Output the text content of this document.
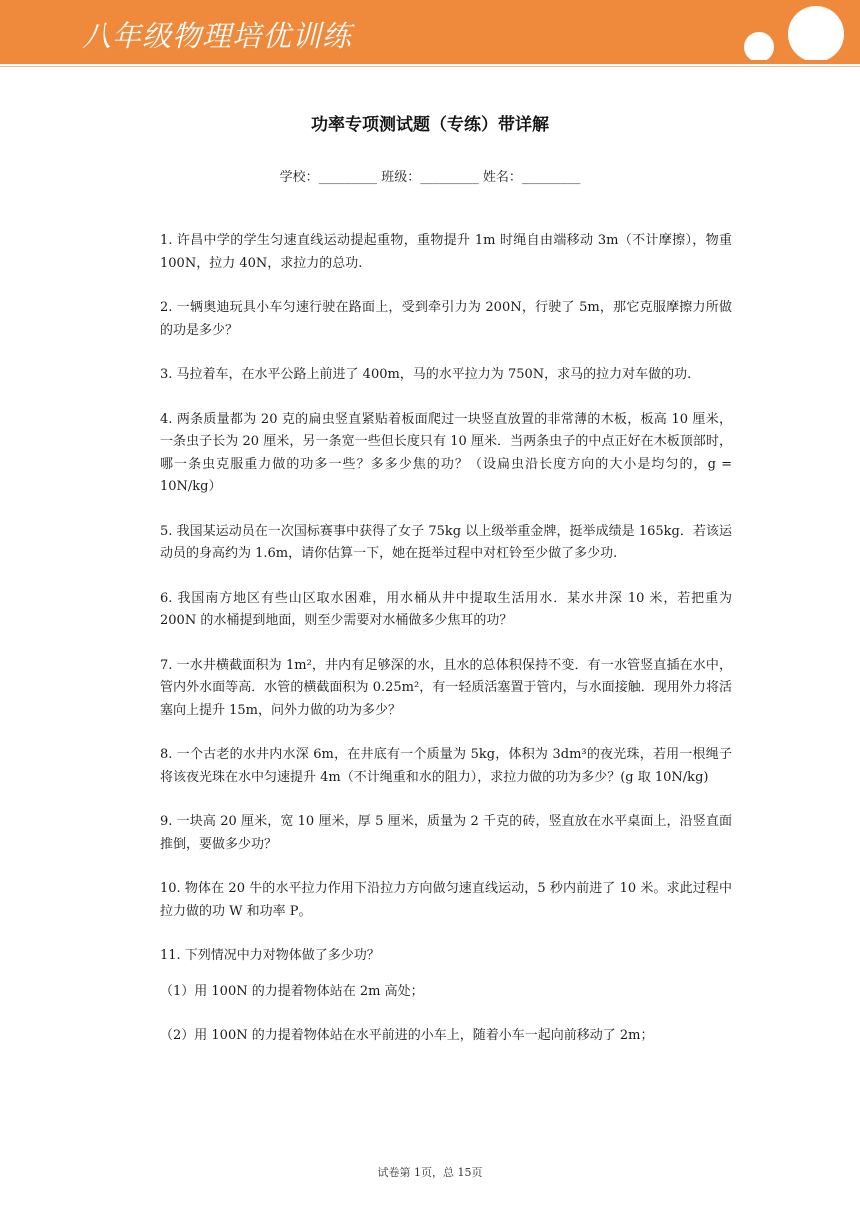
八年级物理培优训练
功率专项测试题（专练）带详解
学校：_________ 班级：_________ 姓名：_________
1. 许昌中学的学生匀速直线运动提起重物，重物提升 1m 时绳自由端移动 3m（不计摩擦），物重 100N，拉力 40N，求拉力的总功.
2. 一辆奥迪玩具小车匀速行驶在路面上，受到牵引力为 200N，行驶了 5m，那它克服摩擦力所做的功是多少？
3. 马拉着车，在水平公路上前进了 400m，马的水平拉力为 750N，求马的拉力对车做的功.
4. 两条质量都为 20 克的扁虫竖直紧贴着板面爬过一块竖直放置的非常薄的木板，板高 10 厘米，一条虫子长为 20 厘米，另一条宽一些但长度只有 10 厘米．当两条虫子的中点正好在木板顶部时，哪一条虫克服重力做的功多一些？多多少焦的功？（设扁虫沿长度方向的大小是均匀的，g = 10N/kg）
5. 我国某运动员在一次国标赛事中获得了女子 75kg 以上级举重金牌，挺举成绩是 165kg．若该运动员的身高约为 1.6m，请你估算一下，她在挺举过程中对杠铃至少做了多少功.
6. 我国南方地区有些山区取水困难，用水桶从井中提取生活用水．某水井深 10 米，若把重为 200N 的水桶提到地面，则至少需要对水桶做多少焦耳的功？
7. 一水井横截面积为 1m²，井内有足够深的水，且水的总体积保持不变．有一水管竖直插在水中，管内外水面等高．水管的横截面积为 0.25m²，有一轻质活塞置于管内，与水面接触．现用外力将活塞向上提升 15m，问外力做的功为多少？
8. 一个古老的水井内水深 6m，在井底有一个质量为 5kg，体积为 3dm³的夜光珠，若用一根绳子将该夜光珠在水中匀速提升 4m（不计绳重和水的阻力），求拉力做的功为多少？(g 取 10N/kg)
9. 一块高 20 厘米，宽 10 厘米，厚 5 厘米，质量为 2 千克的砖，竖直放在水平桌面上，沿竖直面推倒，要做多少功？
10. 物体在 20 牛的水平拉力作用下沿拉力方向做匀速直线运动，5 秒内前进了 10 米。求此过程中拉力做的功 W 和功率 P。

11. 下列情况中力对物体做了多少功？

（1）用 100N 的力提着物体站在 2m 高处；

（2）用 100N 的力提着物体站在水平前进的小车上，随着小车一起向前移动了 2m；

试卷第 1页，总 15页
